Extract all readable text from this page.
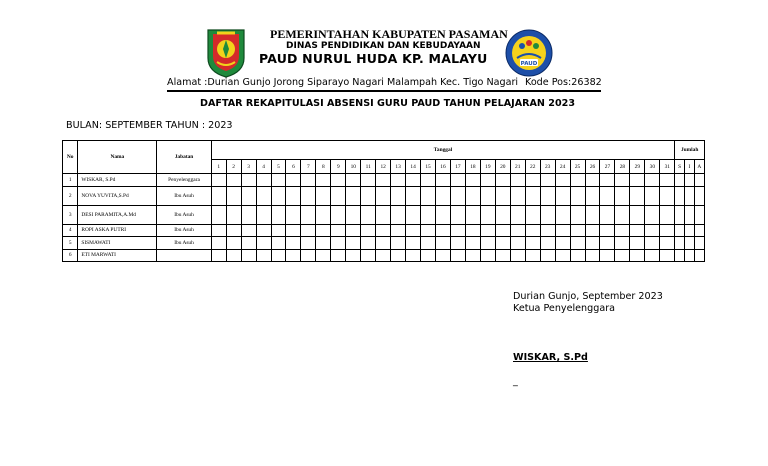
PAUD
PEMERINTAHAN KABUPATEN PASAMAN
DINAS PENDIDIKAN DAN KEBUDAYAAN
PAUD NURUL HUDA KP. MALAYU
Alamat :Durian Gunjo Jorong Siparayo Nagari Malampah Kec. Tigo Nagari Kode Pos:26382
DAFTAR REKAPITULASI ABSENSI GURU PAUD TAHUN PELAJARAN 2023
BULAN: SEPTEMBER TAHUN : 2023
No	Nama	Jabatan	Tanggal																															Jumlah		
			1	2	3	4	5	6	7	8	9	10	11	12	13	14	15	16	17	18	19	20	21	22	23	24	25	26	27	28	29	30	31	S	I	A
1	WISKAR, S.Pd	Penyelenggara																																		
2	NOVA YUVITA,S.Pd	Ibu Asuh																																		
3	DESI PARAMITA,A.Md	Ibu Asuh																																		
4	ROPI ASKA PUTRI	Ibu Asuh																																		
5	SISMAWATI	Ibu Asuh																																		
6	ETI MARWATI																																			
Durian Gunjo, September 2023
Ketua Penyelenggara
WISKAR, S.Pd
_
